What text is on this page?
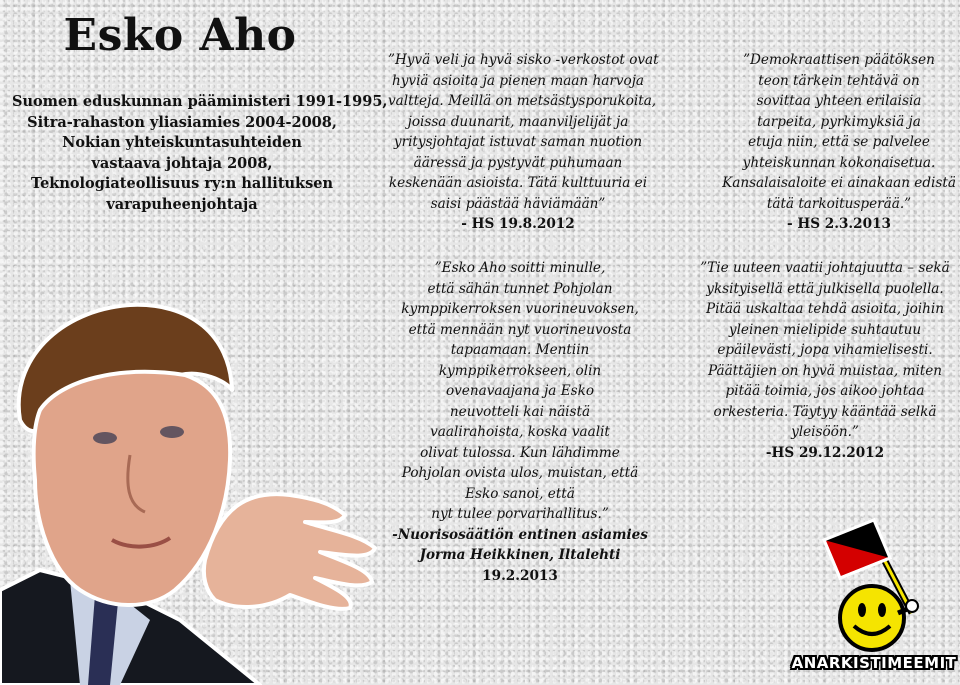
Esko Aho
Suomen eduskunnan pääministeri 1991-1995,
Sitra-rahaston yliasiamies 2004-2008,
Nokian yhteiskuntasuhteiden
vastaava johtaja 2008,
Teknologiateollisuus ry:n hallituksen
varapuheenjohtaja
”Hyvä veli ja hyvä sisko -verkostot ovat
hyviä asioita ja pienen maan harvoja
valtteja. Meillä on metsästysporukoita,
joissa duunarit, maanviljelijät ja
yritysjohtajat istuvat saman nuotion
ääressä ja pystyvät puhumaan
keskenään asioista. Tätä kulttuuria ei
saisi päästää häviämään”
- HS 19.8.2012
”Esko Aho soitti minulle,
että sähän tunnet Pohjolan
kymppikerroksen vuorineuvoksen,
että mennään nyt vuorineuvosta
tapaamaan. Mentiin
kymppikerrokseen, olin
ovenavaajana ja Esko
neuvotteli kai näistä
vaalirahoista, koska vaalit
olivat tulossa. Kun lähdimme
Pohjolan ovista ulos, muistan, että
Esko sanoi, että
nyt tulee porvarihallitus.”
-Nuorisosäätiön entinen asiamies
Jorma Heikkinen, Iltalehti
19.2.2013
”Demokraattisen päätöksen
teon tärkein tehtävä on
sovittaa yhteen erilaisia
tarpeita, pyrkimyksiä ja
etuja niin, että se palvelee
yhteiskunnan kokonaisetua.
Kansalaisaloite ei ainakaan edistä
tätä tarkoitusperää.”
- HS 2.3.2013
”Tie uuteen vaatii johtajuutta – sekä
yksityisellä että julkisella puolella.
Pitää uskaltaa tehdä asioita, joihin
yleinen mielipide suhtautuu
epäilevästi, jopa vihamielisesti.
Päättäjien on hyvä muistaa, miten
pitää toimia, jos aikoo johtaa
orkesteria. Täytyy kääntää selkä
yleisöön.”
-HS 29.12.2012
ANARKISTIMEEMIT
